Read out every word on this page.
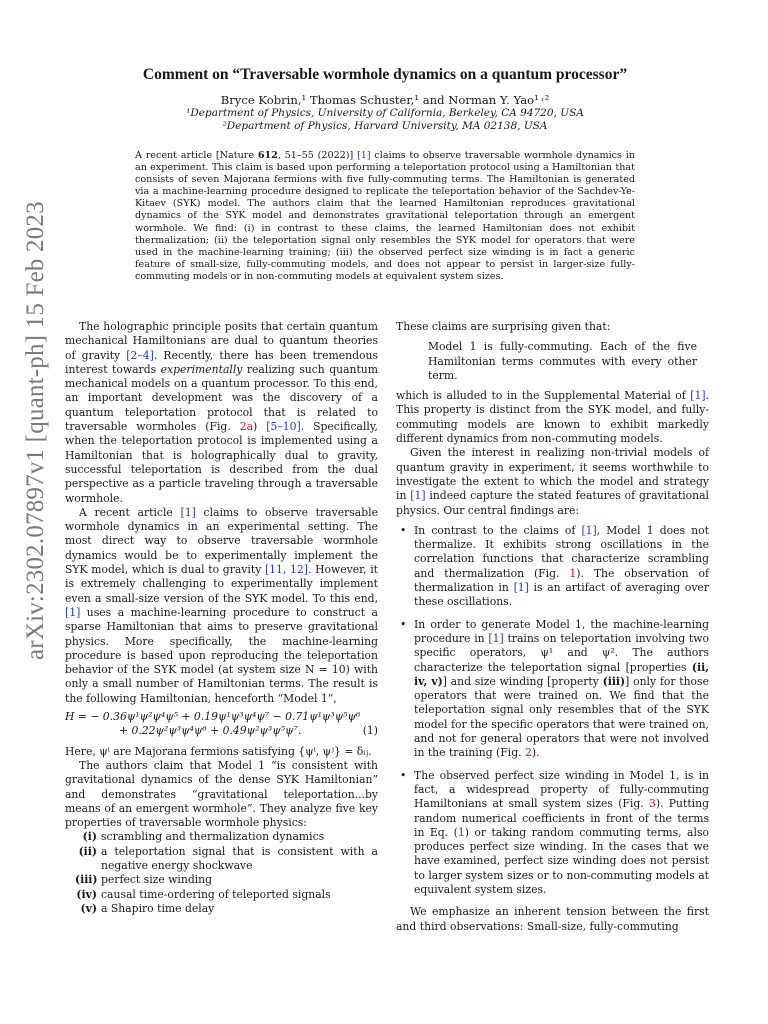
arXiv:2302.07897v1 [quant-ph] 15 Feb 2023
Comment on “Traversable wormhole dynamics on a quantum processor”
Bryce Kobrin,¹ Thomas Schuster,¹ and Norman Y. Yao¹ ˒²
¹Department of Physics, University of California, Berkeley, CA 94720, USA
²Department of Physics, Harvard University, MA 02138, USA
A recent article [Nature 612, 51–55 (2022)] [1] claims to observe traversable wormhole dynamics in an experiment. This claim is based upon performing a teleportation protocol using a Hamiltonian that consists of seven Majorana fermions with five fully-commuting terms. The Hamiltonian is generated via a machine-learning procedure designed to replicate the teleportation behavior of the Sachdev-Ye-Kitaev (SYK) model. The authors claim that the learned Hamiltonian reproduces gravitational dynamics of the SYK model and demonstrates gravitational teleportation through an emergent wormhole. We find: (i) in contrast to these claims, the learned Hamiltonian does not exhibit thermalization; (ii) the teleportation signal only resembles the SYK model for operators that were used in the machine-learning training; (iii) the observed perfect size winding is in fact a generic feature of small-size, fully-commuting models, and does not appear to persist in larger-size fully-commuting models or in non-commuting models at equivalent system sizes.

The holographic principle posits that certain quantum mechanical Hamiltonians are dual to quantum theories of gravity [2–4]. Recently, there has been tremendous interest towards experimentally realizing such quantum mechanical models on a quantum processor. To this end, an important development was the discovery of a quantum teleportation protocol that is related to traversable wormholes (Fig. 2a) [5–10]. Specifically, when the teleportation protocol is implemented using a Hamiltonian that is holographically dual to gravity, successful teleportation is described from the dual perspective as a particle traveling through a traversable wormhole.

A recent article [1] claims to observe traversable wormhole dynamics in an experimental setting. The most direct way to observe traversable wormhole dynamics would be to experimentally implement the SYK model, which is dual to gravity [11, 12]. However, it is extremely challenging to experimentally implement even a small-size version of the SYK model. To this end, [1] uses a machine-learning procedure to construct a sparse Hamiltonian that aims to preserve gravitational physics. More specifically, the machine-learning procedure is based upon reproducing the teleportation behavior of the SYK model (at system size N = 10) with only a small number of Hamiltonian terms. The result is the following Hamiltonian, henceforth “Model 1”,

H = − 0.36ψ¹ψ²ψ⁴ψ⁵ + 0.19ψ¹ψ³ψ⁴ψ⁷ − 0.71ψ¹ψ³ψ⁵ψ⁶
+ 0.22ψ²ψ³ψ⁴ψ⁶ + 0.49ψ²ψ³ψ⁵ψ⁷.	(1)

Here, ψⁱ are Majorana fermions satisfying {ψⁱ, ψʲ} = δᵢⱼ.

The authors claim that Model 1 “is consistent with gravitational dynamics of the dense SYK Hamiltonian” and demonstrates “gravitational teleportation...by means of an emergent wormhole”. They analyze five key properties of traversable wormhole physics:

(i) scrambling and thermalization dynamics
(ii) a teleportation signal that is consistent with a negative energy shockwave
(iii) perfect size winding
(iv) causal time-ordering of teleported signals
(v) a Shapiro time delay

These claims are surprising given that:

Model 1 is fully-commuting. Each of the five Hamiltonian terms commutes with every other term.

which is alluded to in the Supplemental Material of [1]. This property is distinct from the SYK model, and fully-commuting models are known to exhibit markedly different dynamics from non-commuting models.

Given the interest in realizing non-trivial models of quantum gravity in experiment, it seems worthwhile to investigate the extent to which the model and strategy in [1] indeed capture the stated features of gravitational physics. Our central findings are:

• In contrast to the claims of [1], Model 1 does not thermalize. It exhibits strong oscillations in the correlation functions that characterize scrambling and thermalization (Fig. 1). The observation of thermalization in [1] is an artifact of averaging over these oscillations.
• In order to generate Model 1, the machine-learning procedure in [1] trains on teleportation involving two specific operators, ψ¹ and ψ². The authors characterize the teleportation signal [properties (ii, iv, v)] and size winding [property (iii)] only for those operators that were trained on. We find that the teleportation signal only resembles that of the SYK model for the specific operators that were trained on, and not for general operators that were not involved in the training (Fig. 2).
• The observed perfect size winding in Model 1, is in fact, a widespread property of fully-commuting Hamiltonians at small system sizes (Fig. 3). Putting random numerical coefficients in front of the terms in Eq. (1) or taking random commuting terms, also produces perfect size winding. In the cases that we have examined, perfect size winding does not persist to larger system sizes or to non-commuting models at equivalent system sizes.

We emphasize an inherent tension between the first and third observations: Small-size, fully-commuting
